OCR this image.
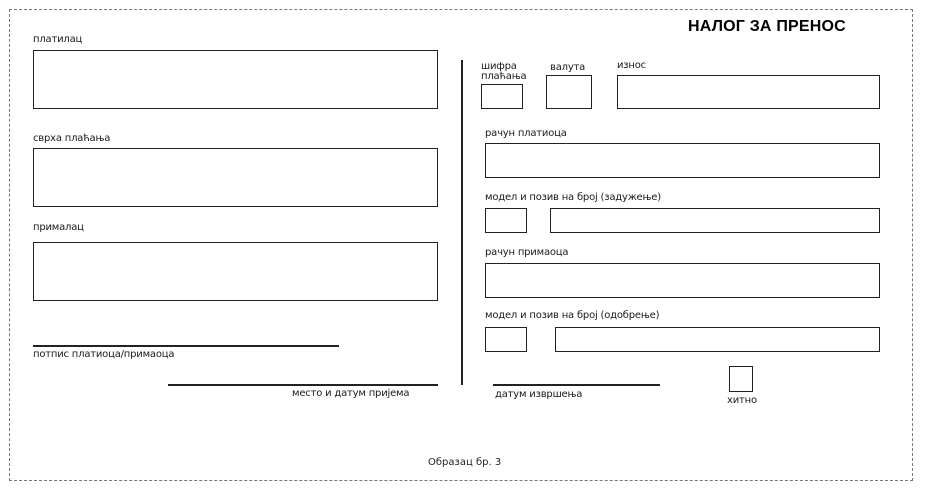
НАЛОГ ЗА ПРЕНОС
платилац
сврха плаћања
прималац
потпис платиоца/примаоца
место и датум пријема
шифра плаћања
валута	износ
рачун платиоца
модел и позив на број (задужење)
рачун примаоца
модел и позив на број (одобрење)
датум извршења
хитно
Образац бр. 3
